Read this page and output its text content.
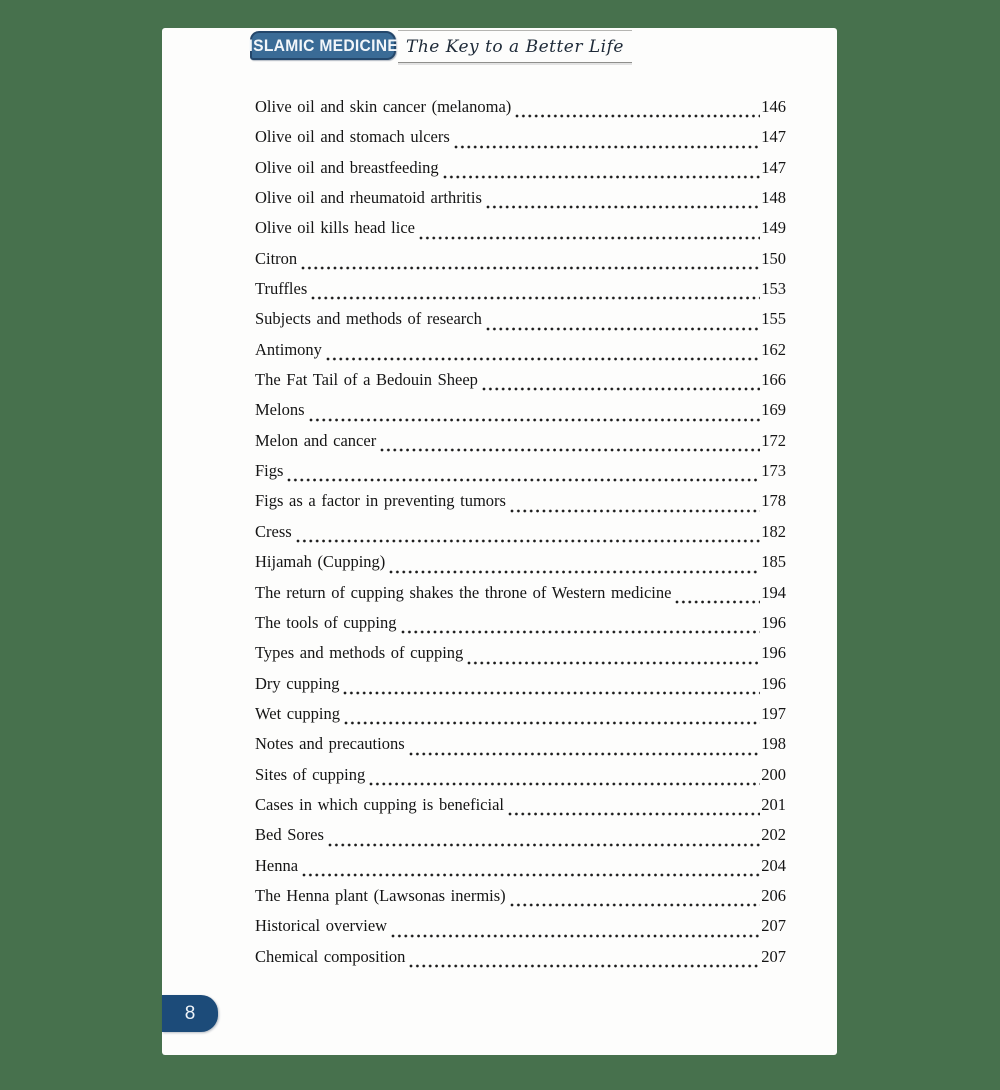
ISLAMIC MEDICINE The Key to a Better Life
Olive oil and skin cancer (melanoma)	146
Olive oil and stomach ulcers	147
Olive oil and breastfeeding	147
Olive oil and rheumatoid arthritis	148
Olive oil kills head lice	149
Citron	150
Truffles	153
Subjects and methods of research	155
Antimony	162
The Fat Tail of a Bedouin Sheep	166
Melons	169
Melon and cancer	172
Figs	173
Figs as a factor in preventing tumors	178
Cress	182
Hijamah (Cupping)	185
The return of cupping shakes the throne of Western medicine	194
The tools of cupping	196
Types and methods of cupping	196
Dry cupping	196
Wet cupping	197
Notes and precautions	198
Sites of cupping	200
Cases in which cupping is beneficial	201
Bed Sores	202
Henna	204
The Henna plant (Lawsonas inermis)	206
Historical overview	207
Chemical composition	207
8
